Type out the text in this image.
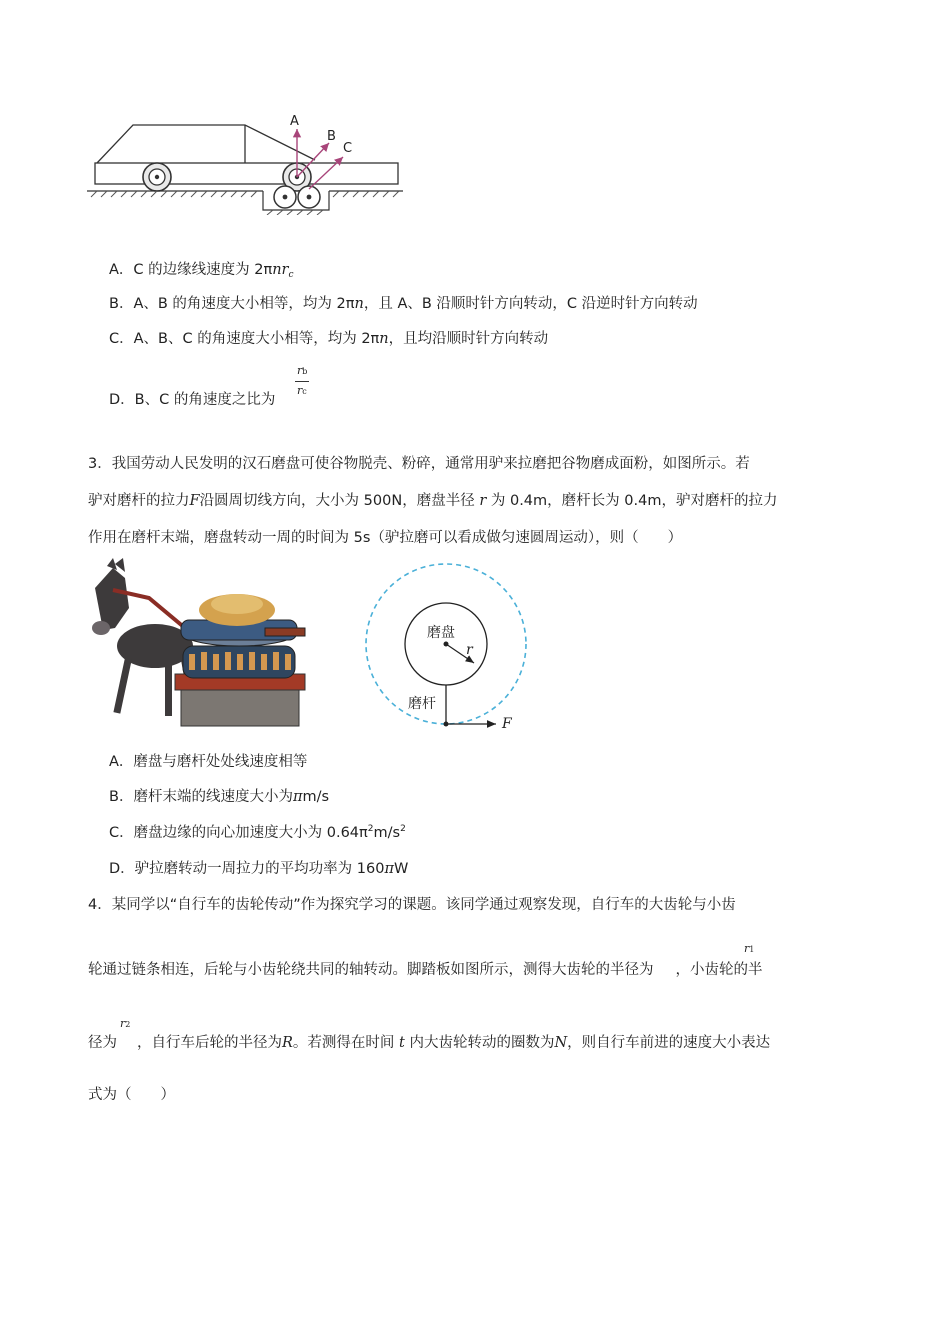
A
B
C
A．C 的边缘线速度为 2πnr$_c$
B．A、B 的角速度大小相等，均为 2πn，且 A、B 沿顺时针方向转动，C 沿逆时针方向转动
C．A、B、C 的角速度大小相等，均为 2πn，且均沿顺时针方向转动
D．B、C 的角速度之比为
rb
rc
3．我国劳动人民发明的汉石磨盘可使谷物脱壳、粉碎，通常用驴来拉磨把谷物磨成面粉，如图所示。若
驴对磨杆的拉力F沿圆周切线方向，大小为 500N，磨盘半径 r 为 0.4m，磨杆长为 0.4m，驴对磨杆的拉力
作用在磨杆末端，磨盘转动一周的时间为 5s（驴拉磨可以看成做匀速圆周运动），则（　　）
磨盘
r
磨杆
F
A．磨盘与磨杆处处线速度相等
B．磨杆末端的线速度大小为πm/s
C．磨盘边缘的向心加速度大小为 $0.64\pi^2m/s^2$
D．驴拉磨转动一周拉力的平均功率为 160πW
4．某同学以“自行车的齿轮传动”作为探究学习的课题。该同学通过观察发现，自行车的大齿轮与小齿
轮通过链条相连，后轮与小齿轮绕共同的轴转动。脚踏板如图所示，测得大齿轮的半径为 ，小齿轮的半
r1
径为 ，自行车后轮的半径为R。若测得在时间 t 内大齿轮转动的圈数为N，则自行车前进的速度大小表达
r2
式为（　　）
